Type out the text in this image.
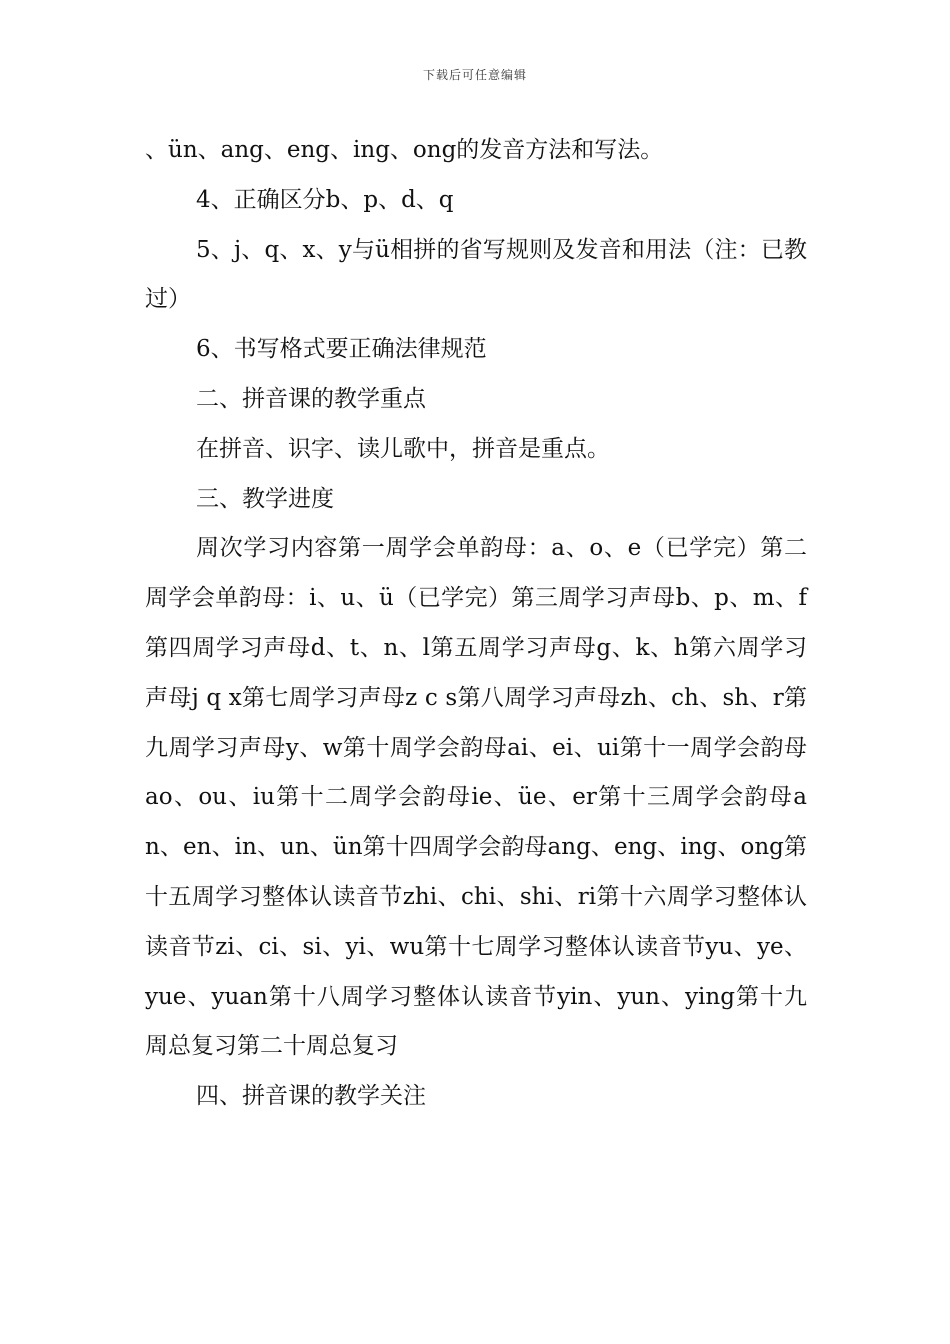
下载后可任意编辑

、ün、ang、eng、ing、ong的发音方法和写法。

4、正确区分b、p、d、q

5、j、q、x、y与ü相拼的省写规则及发音和用法（注：已教过）

6、书写格式要正确法律规范

二、拼音课的教学重点

在拼音、识字、读儿歌中，拼音是重点。

三、教学进度

周次学习内容第一周学会单韵母：a、o、e（已学完）第二周学会单韵母：i、u、ü（已学完）第三周学习声母b、p、m、f第四周学习声母d、t、n、l第五周学习声母g、k、h第六周学习声母j q x第七周学习声母z c s第八周学习声母zh、ch、sh、r第九周学习声母y、w第十周学会韵母ai、ei、ui第十一周学会韵母ao、ou、iu第十二周学会韵母ie、üe、er第十三周学会韵母an、en、in、un、ün第十四周学会韵母ang、eng、ing、ong第十五周学习整体认读音节zhi、chi、shi、ri第十六周学习整体认读音节zi、ci、si、yi、wu第十七周学习整体认读音节yu、ye、yue、yuan第十八周学习整体认读音节yin、yun、ying第十九周总复习第二十周总复习

四、拼音课的教学关注
